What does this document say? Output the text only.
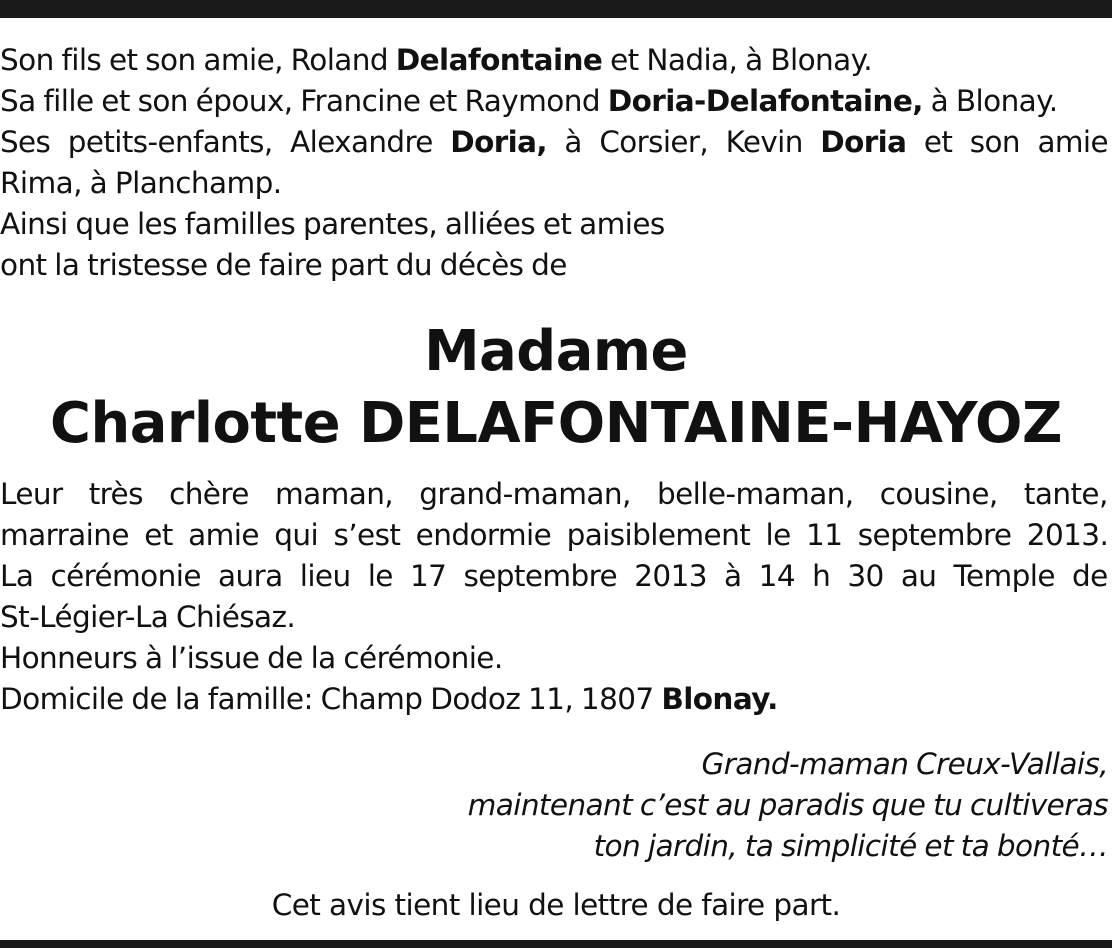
Son fils et son amie, Roland Delafontaine et Nadia, à Blonay.
Sa fille et son époux, Francine et Raymond Doria-Delafontaine, à Blonay.
Ses petits-enfants, Alexandre Doria, à Corsier, Kevin Doria et son amie
Rima, à Planchamp.
Ainsi que les familles parentes, alliées et amies
ont la tristesse de faire part du décès de
Madame
Charlotte DELAFONTAINE-HAYOZ
Leur très chère maman, grand-maman, belle-maman, cousine, tante,
marraine et amie qui s’est endormie paisiblement le 11 septembre 2013.
La cérémonie aura lieu le 17 septembre 2013 à 14 h 30 au Temple de
St-Légier-La Chiésaz.
Honneurs à l’issue de la cérémonie.
Domicile de la famille: Champ Dodoz 11, 1807 Blonay.
Grand-maman Creux-Vallais,
maintenant c’est au paradis que tu cultiveras
ton jardin, ta simplicité et ta bonté…
Cet avis tient lieu de lettre de faire part.
